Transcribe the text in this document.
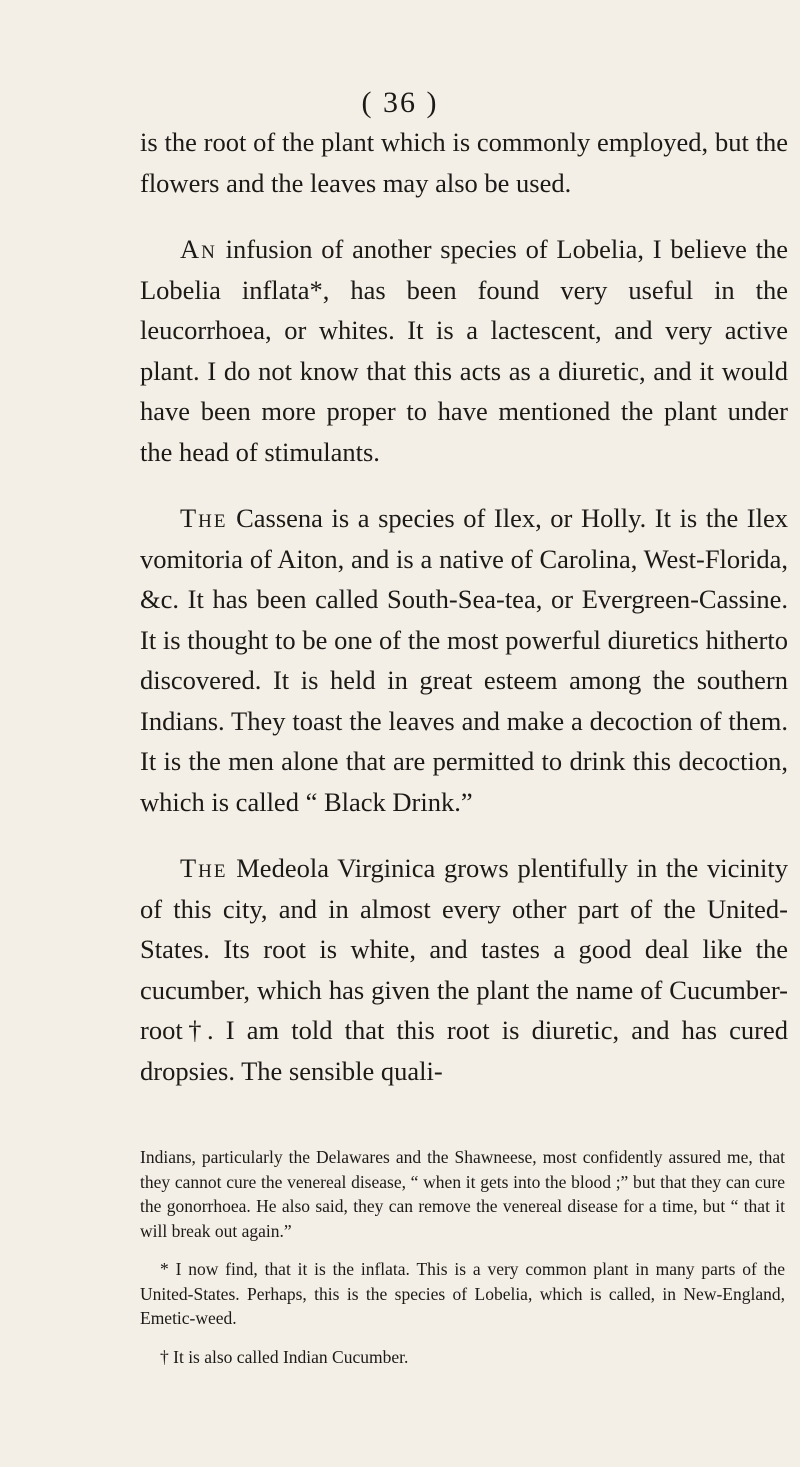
( 36 )

is the root of the plant which is commonly employed, but the flowers and the leaves may also be used.

An infusion of another species of Lobelia, I believe the Lobelia inflata*, has been found very useful in the leucorrhoea, or whites. It is a lactescent, and very active plant. I do not know that this acts as a diuretic, and it would have been more proper to have mentioned the plant under the head of stimulants.

The Cassena is a species of Ilex, or Holly. It is the Ilex vomitoria of Aiton, and is a native of Carolina, West-Florida, &c. It has been called South-Sea-tea, or Evergreen-Cassine. It is thought to be one of the most powerful diuretics hitherto discovered. It is held in great esteem among the southern Indians. They toast the leaves and make a decoction of them. It is the men alone that are permitted to drink this decoction, which is called “ Black Drink.”

The Medeola Virginica grows plentifully in the vicinity of this city, and in almost every other part of the United-States. Its root is white, and tastes a good deal like the cucumber, which has given the plant the name of Cucumber-root†. I am told that this root is diuretic, and has cured dropsies. The sensible quali-

Indians, particularly the Delawares and the Shawneese, most confidently assured me, that they cannot cure the venereal disease, “ when it gets into the blood ;” but that they can cure the gonorrhoea. He also said, they can remove the venereal disease for a time, but “ that it will break out again.”

* I now find, that it is the inflata. This is a very common plant in many parts of the United-States. Perhaps, this is the species of Lobelia, which is called, in New-England, Emetic-weed.

† It is also called Indian Cucumber.
